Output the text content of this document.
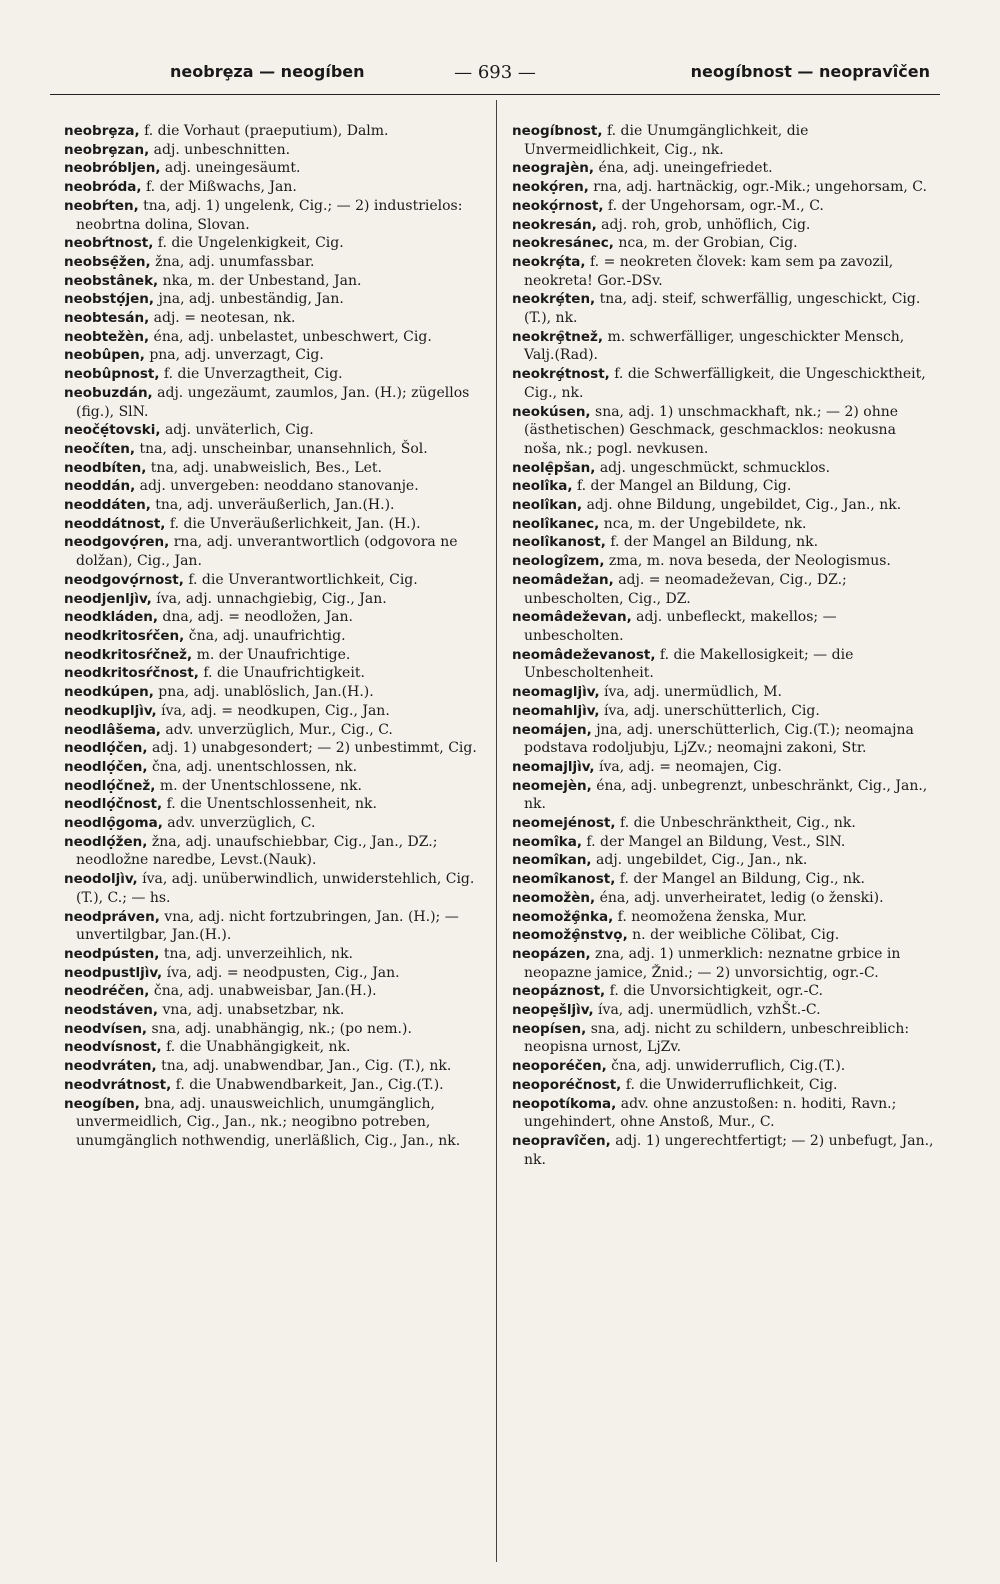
neobrȩza — neogíben	— 693 —	neogíbnost — neopravîčen

neobrȩza, f. die Vorhaut (praeputium), Dalm.

neobrȩzan, adj. unbeschnitten.

neobróbljen, adj. uneingesäumt.

neobróda, f. der Mißwachs, Jan.

neobŕten, tna, adj. 1) ungelenk, Cig.; — 2) industrielos: neobrtna dolina, Slovan.

neobŕtnost, f. die Ungelenkigkeit, Cig.

neobsẹ̑žen, žna, adj. unumfassbar.

neobstânek, nka, m. der Unbestand, Jan.

neobstọ́jen, jna, adj. unbeständig, Jan.

neobtesán, adj. = neotesan, nk.

neobtežèn, éna, adj. unbelastet, unbeschwert, Cig.

neobûpen, pna, adj. unverzagt, Cig.

neobûpnost, f. die Unverzagtheit, Cig.

neobuzdán, adj. ungezäumt, zaumlos, Jan. (H.); zügellos (fig.), SlN.

neočẹ́tovski, adj. unväterlich, Cig.

neočíten, tna, adj. unscheinbar, unansehnlich, Šol.

neodbíten, tna, adj. unabweislich, Bes., Let.

neoddán, adj. unvergeben: neoddano stanovanje.

neoddáten, tna, adj. unveräußerlich, Jan.(H.).

neoddátnost, f. die Unveräußerlichkeit, Jan. (H.).

neodgovọ́ren, rna, adj. unverantwortlich (odgovora ne dolžan), Cig., Jan.

neodgovọ́rnost, f. die Unverantwortlichkeit, Cig.

neodjenljìv, íva, adj. unnachgiebig, Cig., Jan.

neodkláden, dna, adj. = neodložen, Jan.

neodkritosŕčen, čna, adj. unaufrichtig.

neodkritosŕčnež, m. der Unaufrichtige.

neodkritosŕčnost, f. die Unaufrichtigkeit.

neodkúpen, pna, adj. unablöslich, Jan.(H.).

neodkupljìv, íva, adj. = neodkupen, Cig., Jan.

neodlâšema, adv. unverzüglich, Mur., Cig., C.

neodlọ́čen, adj. 1) unabgesondert; — 2) unbestimmt, Cig.

neodlọ́čen, čna, adj. unentschlossen, nk.

neodlọ́čnež, m. der Unentschlossene, nk.

neodlọ́čnost, f. die Unentschlossenheit, nk.

neodlọ̑goma, adv. unverzüglich, C.

neodlọ́žen, žna, adj. unaufschiebbar, Cig., Jan., DZ.; neodložne naredbe, Levst.(Nauk).

neodoljìv, íva, adj. unüberwindlich, unwiderstehlich, Cig.(T.), C.; — hs.

neodpráven, vna, adj. nicht fortzubringen, Jan. (H.); — unvertilgbar, Jan.(H.).

neodpústen, tna, adj. unverzeihlich, nk.

neodpustljìv, íva, adj. = neodpusten, Cig., Jan.

neodréčen, čna, adj. unabweisbar, Jan.(H.).

neodstáven, vna, adj. unabsetzbar, nk.

neodvísen, sna, adj. unabhängig, nk.; (po nem.).

neodvísnost, f. die Unabhängigkeit, nk.

neodvráten, tna, adj. unabwendbar, Jan., Cig. (T.), nk.

neodvrátnost, f. die Unabwendbarkeit, Jan., Cig.(T.).

neogíben, bna, adj. unausweichlich, unumgänglich, unvermeidlich, Cig., Jan., nk.; neogibno potreben, unumgänglich nothwendig, unerläßlich, Cig., Jan., nk.

neogíbnost, f. die Unumgänglichkeit, die Unvermeidlichkeit, Cig., nk.

neograjèn, éna, adj. uneingefriedet.

neokọ́ren, rna, adj. hartnäckig, ogr.-Mik.; ungehorsam, C.

neokọ́rnost, f. der Ungehorsam, ogr.-M., C.

neokresán, adj. roh, grob, unhöflich, Cig.

neokresánec, nca, m. der Grobian, Cig.

neokrȩ́ta, f. = neokreten človek: kam sem pa zavozil, neokreta! Gor.-DSv.

neokrȩ́ten, tna, adj. steif, schwerfällig, ungeschickt, Cig.(T.), nk.

neokrȩ̑tnež, m. schwerfälliger, ungeschickter Mensch, Valj.(Rad).

neokrȩ́tnost, f. die Schwerfälligkeit, die Ungeschicktheit, Cig., nk.

neokúsen, sna, adj. 1) unschmackhaft, nk.; — 2) ohne (ästhetischen) Geschmack, geschmacklos: neokusna noša, nk.; pogl. nevkusen.

neolẹ̑pšan, adj. ungeschmückt, schmucklos.

neolîka, f. der Mangel an Bildung, Cig.

neolîkan, adj. ohne Bildung, ungebildet, Cig., Jan., nk.

neolîkanec, nca, m. der Ungebildete, nk.

neolîkanost, f. der Mangel an Bildung, nk.

neologîzem, zma, m. nova beseda, der Neologismus.

neomâdežan, adj. = neomadeževan, Cig., DZ.; unbescholten, Cig., DZ.

neomâdeževan, adj. unbefleckt, makellos; — unbescholten.

neomâdeževanost, f. die Makellosigkeit; — die Unbescholtenheit.

neomagljìv, íva, adj. unermüdlich, M.

neomahljìv, íva, adj. unerschütterlich, Cig.

neomájen, jna, adj. unerschütterlich, Cig.(T.); neomajna podstava rodoljubju, LjZv.; neomajni zakoni, Str.

neomajljìv, íva, adj. = neomajen, Cig.

neomejèn, éna, adj. unbegrenzt, unbeschränkt, Cig., Jan., nk.

neomejénost, f. die Unbeschränktheit, Cig., nk.

neomîka, f. der Mangel an Bildung, Vest., SlN.

neomîkan, adj. ungebildet, Cig., Jan., nk.

neomîkanost, f. der Mangel an Bildung, Cig., nk.

neomožèn, éna, adj. unverheiratet, ledig (o ženski).

neomožȩ̑nka, f. neomožena ženska, Mur.

neomožȩ̑nstvọ, n. der weibliche Cölibat, Cig.

neopázen, zna, adj. 1) unmerklich: neznatne grbice in neopazne jamice, Žnid.; — 2) unvorsichtig, ogr.-C.

neopáznost, f. die Unvorsichtigkeit, ogr.-C.

neopẹšljìv, íva, adj. unermüdlich, vzhŠt.-C.

neopísen, sna, adj. nicht zu schildern, unbeschreiblich: neopisna urnost, LjZv.

neoporéčen, čna, adj. unwiderruflich, Cig.(T.).

neoporéčnost, f. die Unwiderruflichkeit, Cig.

neopotíkoma, adv. ohne anzustoßen: n. hoditi, Ravn.; ungehindert, ohne Anstoß, Mur., C.

neopravîčen, adj. 1) ungerechtfertigt; — 2) unbefugt, Jan., nk.
